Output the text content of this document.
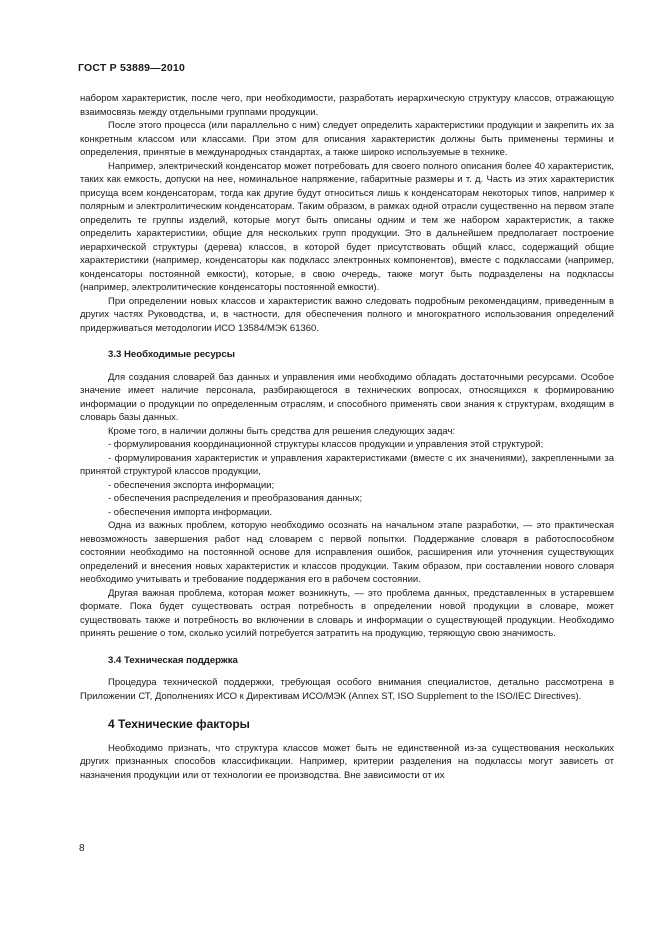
ГОСТ Р 53889—2010

набором характеристик, после чего, при необходимости, разработать иерархическую структуру классов, отражающую взаимосвязь между отдельными группами продукции.

После этого процесса (или параллельно с ним) следует определить характеристики продукции и закрепить их за конкретным классом или классами. При этом для описания характеристик должны быть применены термины и определения, принятые в международных стандартах, а также широко используемые в технике.

Например, электрический конденсатор может потребовать для своего полного описания более 40 характеристик, таких как емкость, допуски на нее, номинальное напряжение, габаритные размеры и т. д. Часть из этих характеристик присуща всем конденсаторам, тогда как другие будут относиться лишь к конденсаторам некоторых типов, например к полярным и электролитическим конденсаторам. Таким образом, в рамках одной отрасли существенно на первом этапе определить те группы изделий, которые могут быть описаны одним и тем же набором характеристик, а также определить характеристики, общие для нескольких групп продукции. Это в дальнейшем предполагает построение иерархической структуры (дерева) классов, в которой будет присутствовать общий класс, содержащий общие характеристики (например, конденсаторы как подкласс электронных компонентов), вместе с подклассами (например, конденсаторы постоянной емкости), которые, в свою очередь, также могут быть подразделены на подклассы (например, электролитические конденсаторы постоянной емкости).

При определении новых классов и характеристик важно следовать подробным рекомендациям, приведенным в других частях Руководства, и, в частности, для обеспечения полного и многократного использования определений придерживаться методологии ИСО 13584/МЭК 61360.

3.3 Необходимые ресурсы

Для создания словарей баз данных и управления ими необходимо обладать достаточными ресурсами. Особое значение имеет наличие персонала, разбирающегося в технических вопросах, относящихся к формированию информации о продукции по определенным отраслям, и способного применять свои знания к структурам, входящим в словарь базы данных.

Кроме того, в наличии должны быть средства для решения следующих задач:

- формулирования координационной структуры классов продукции и управления этой структурой;

- формулирования характеристик и управления характеристиками (вместе с их значениями), закрепленными за принятой структурой классов продукции,

- обеспечения экспорта информации;

- обеспечения распределения и преобразования данных;

- обеспечения импорта информации.

Одна из важных проблем, которую необходимо осознать на начальном этапе разработки, — это практическая невозможность завершения работ над словарем с первой попытки. Поддержание словаря в работоспособном состоянии необходимо на постоянной основе для исправления ошибок, расширения или уточнения существующих определений и внесения новых характеристик и классов продукции. Таким образом, при составлении нового словаря необходимо учитывать и требование поддержания его в рабочем состоянии.

Другая важная проблема, которая может возникнуть, — это проблема данных, представленных в устаревшем формате. Пока будет существовать острая потребность в определении новой продукции в словаре, может существовать также и потребность во включении в словарь и информации о существующей продукции. Необходимо принять решение о том, сколько усилий потребуется затратить на продукцию, теряющую свою значимость.

3.4 Техническая поддержка

Процедура технической поддержки, требующая особого внимания специалистов, детально рассмотрена в Приложении СТ, Дополнениях ИСО к Директивам ИСО/МЭК (Annex ST, ISO Supplement to the ISO/IEC Directives).

4 Технические факторы

Необходимо признать, что структура классов может быть не единственной из-за существования нескольких других признанных способов классификации. Например, критерии разделения на подклассы могут зависеть от назначения продукции или от технологии ее производства. Вне зависимости от их

8
